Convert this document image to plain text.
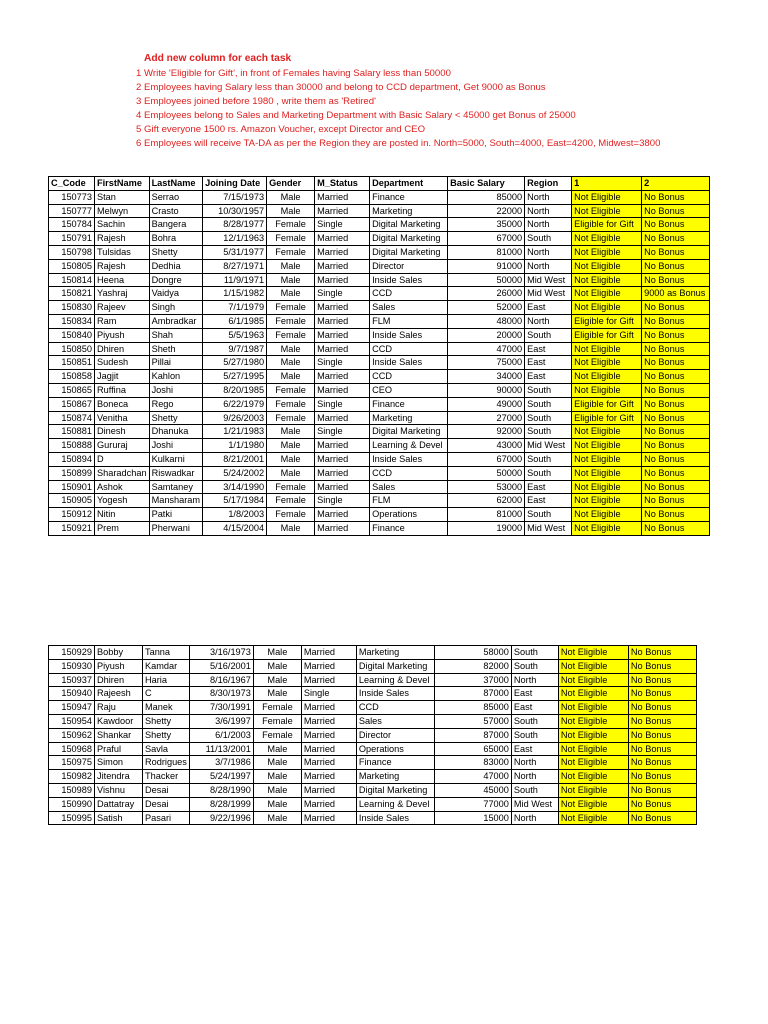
Add new column for each task
1 Write 'Eligible for Gift', in front of Females having Salary less than 50000
2 Employees having Salary less than 30000 and belong to CCD department, Get 9000 as Bonus
3 Employees joined before 1980 , write them as 'Retired'
4 Employees belong to Sales and Marketing Department with Basic Salary < 45000 get Bonus of 25000
5 Gift everyone 1500 rs. Amazon Voucher, except Director and CEO
6 Employees will receive TA-DA as per the Region they are posted in. North=5000, South=4000, East=4200, Midwest=3800
C_Code	FirstName	LastName	Joining Date	Gender	M_Status	Department	Basic Salary	Region	1	2
150773	Stan	Serrao	7/15/1973	Male	Married	Finance	85000	North	Not Eligible	No Bonus
150777	Melwyn	Crasto	10/30/1957	Male	Married	Marketing	22000	North	Not Eligible	No Bonus
150784	Sachin	Bangera	8/28/1977	Female	Single	Digital Marketing	35000	North	Eligible for Gift	No Bonus
150791	Rajesh	Bohra	12/1/1963	Female	Married	Digital Marketing	67000	South	Not Eligible	No Bonus
150798	Tulsidas	Shetty	5/31/1977	Female	Married	Digital Marketing	81000	North	Not Eligible	No Bonus
150805	Rajesh	Dedhia	8/27/1971	Male	Married	Director	91000	North	Not Eligible	No Bonus
150814	Heena	Dongre	11/9/1971	Male	Married	Inside Sales	50000	Mid West	Not Eligible	No Bonus
150821	Yashraj	Vaidya	1/15/1982	Male	Single	CCD	26000	Mid West	Not Eligible	9000 as Bonus
150830	Rajeev	Singh	7/1/1979	Female	Married	Sales	52000	East	Not Eligible	No Bonus
150834	Ram	Ambradkar	6/1/1985	Female	Married	FLM	48000	North	Eligible for Gift	No Bonus
150840	Piyush	Shah	5/5/1963	Female	Married	Inside Sales	20000	South	Eligible for Gift	No Bonus
150850	Dhiren	Sheth	9/7/1987	Male	Married	CCD	47000	East	Not Eligible	No Bonus
150851	Sudesh	Pillai	5/27/1980	Male	Single	Inside Sales	75000	East	Not Eligible	No Bonus
150858	Jagjit	Kahlon	5/27/1995	Male	Married	CCD	34000	East	Not Eligible	No Bonus
150865	Ruffina	Joshi	8/20/1985	Female	Married	CEO	90000	South	Not Eligible	No Bonus
150867	Boneca	Rego	6/22/1979	Female	Single	Finance	49000	South	Eligible for Gift	No Bonus
150874	Venitha	Shetty	9/26/2003	Female	Married	Marketing	27000	South	Eligible for Gift	No Bonus
150881	Dinesh	Dhanuka	1/21/1983	Male	Single	Digital Marketing	92000	South	Not Eligible	No Bonus
150888	Gururaj	Joshi	1/1/1980	Male	Married	Learning & Devel	43000	Mid West	Not Eligible	No Bonus
150894	D	Kulkarni	8/21/2001	Male	Married	Inside Sales	67000	South	Not Eligible	No Bonus
150899	Sharadchan	Riswadkar	5/24/2002	Male	Married	CCD	50000	South	Not Eligible	No Bonus
150901	Ashok	Samtaney	3/14/1990	Female	Married	Sales	53000	East	Not Eligible	No Bonus
150905	Yogesh	Mansharam	5/17/1984	Female	Single	FLM	62000	East	Not Eligible	No Bonus
150912	Nitin	Patki	1/8/2003	Female	Married	Operations	81000	South	Not Eligible	No Bonus
150921	Prem	Pherwani	4/15/2004	Male	Married	Finance	19000	Mid West	Not Eligible	No Bonus
150929	Bobby	Tanna	3/16/1973	Male	Married	Marketing	58000	South	Not Eligible	No Bonus
150930	Piyush	Kamdar	5/16/2001	Male	Married	Digital Marketing	82000	South	Not Eligible	No Bonus
150937	Dhiren	Haria	8/16/1967	Male	Married	Learning & Devel	37000	North	Not Eligible	No Bonus
150940	Rajeesh	C	8/30/1973	Male	Single	Inside Sales	87000	East	Not Eligible	No Bonus
150947	Raju	Manek	7/30/1991	Female	Married	CCD	85000	East	Not Eligible	No Bonus
150954	Kawdoor	Shetty	3/6/1997	Female	Married	Sales	57000	South	Not Eligible	No Bonus
150962	Shankar	Shetty	6/1/2003	Female	Married	Director	87000	South	Not Eligible	No Bonus
150968	Praful	Savla	11/13/2001	Male	Married	Operations	65000	East	Not Eligible	No Bonus
150975	Simon	Rodrigues	3/7/1986	Male	Married	Finance	83000	North	Not Eligible	No Bonus
150982	Jitendra	Thacker	5/24/1997	Male	Married	Marketing	47000	North	Not Eligible	No Bonus
150989	Vishnu	Desai	8/28/1990	Male	Married	Digital Marketing	45000	South	Not Eligible	No Bonus
150990	Dattatray	Desai	8/28/1999	Male	Married	Learning & Devel	77000	Mid West	Not Eligible	No Bonus
150995	Satish	Pasari	9/22/1996	Male	Married	Inside Sales	15000	North	Not Eligible	No Bonus
